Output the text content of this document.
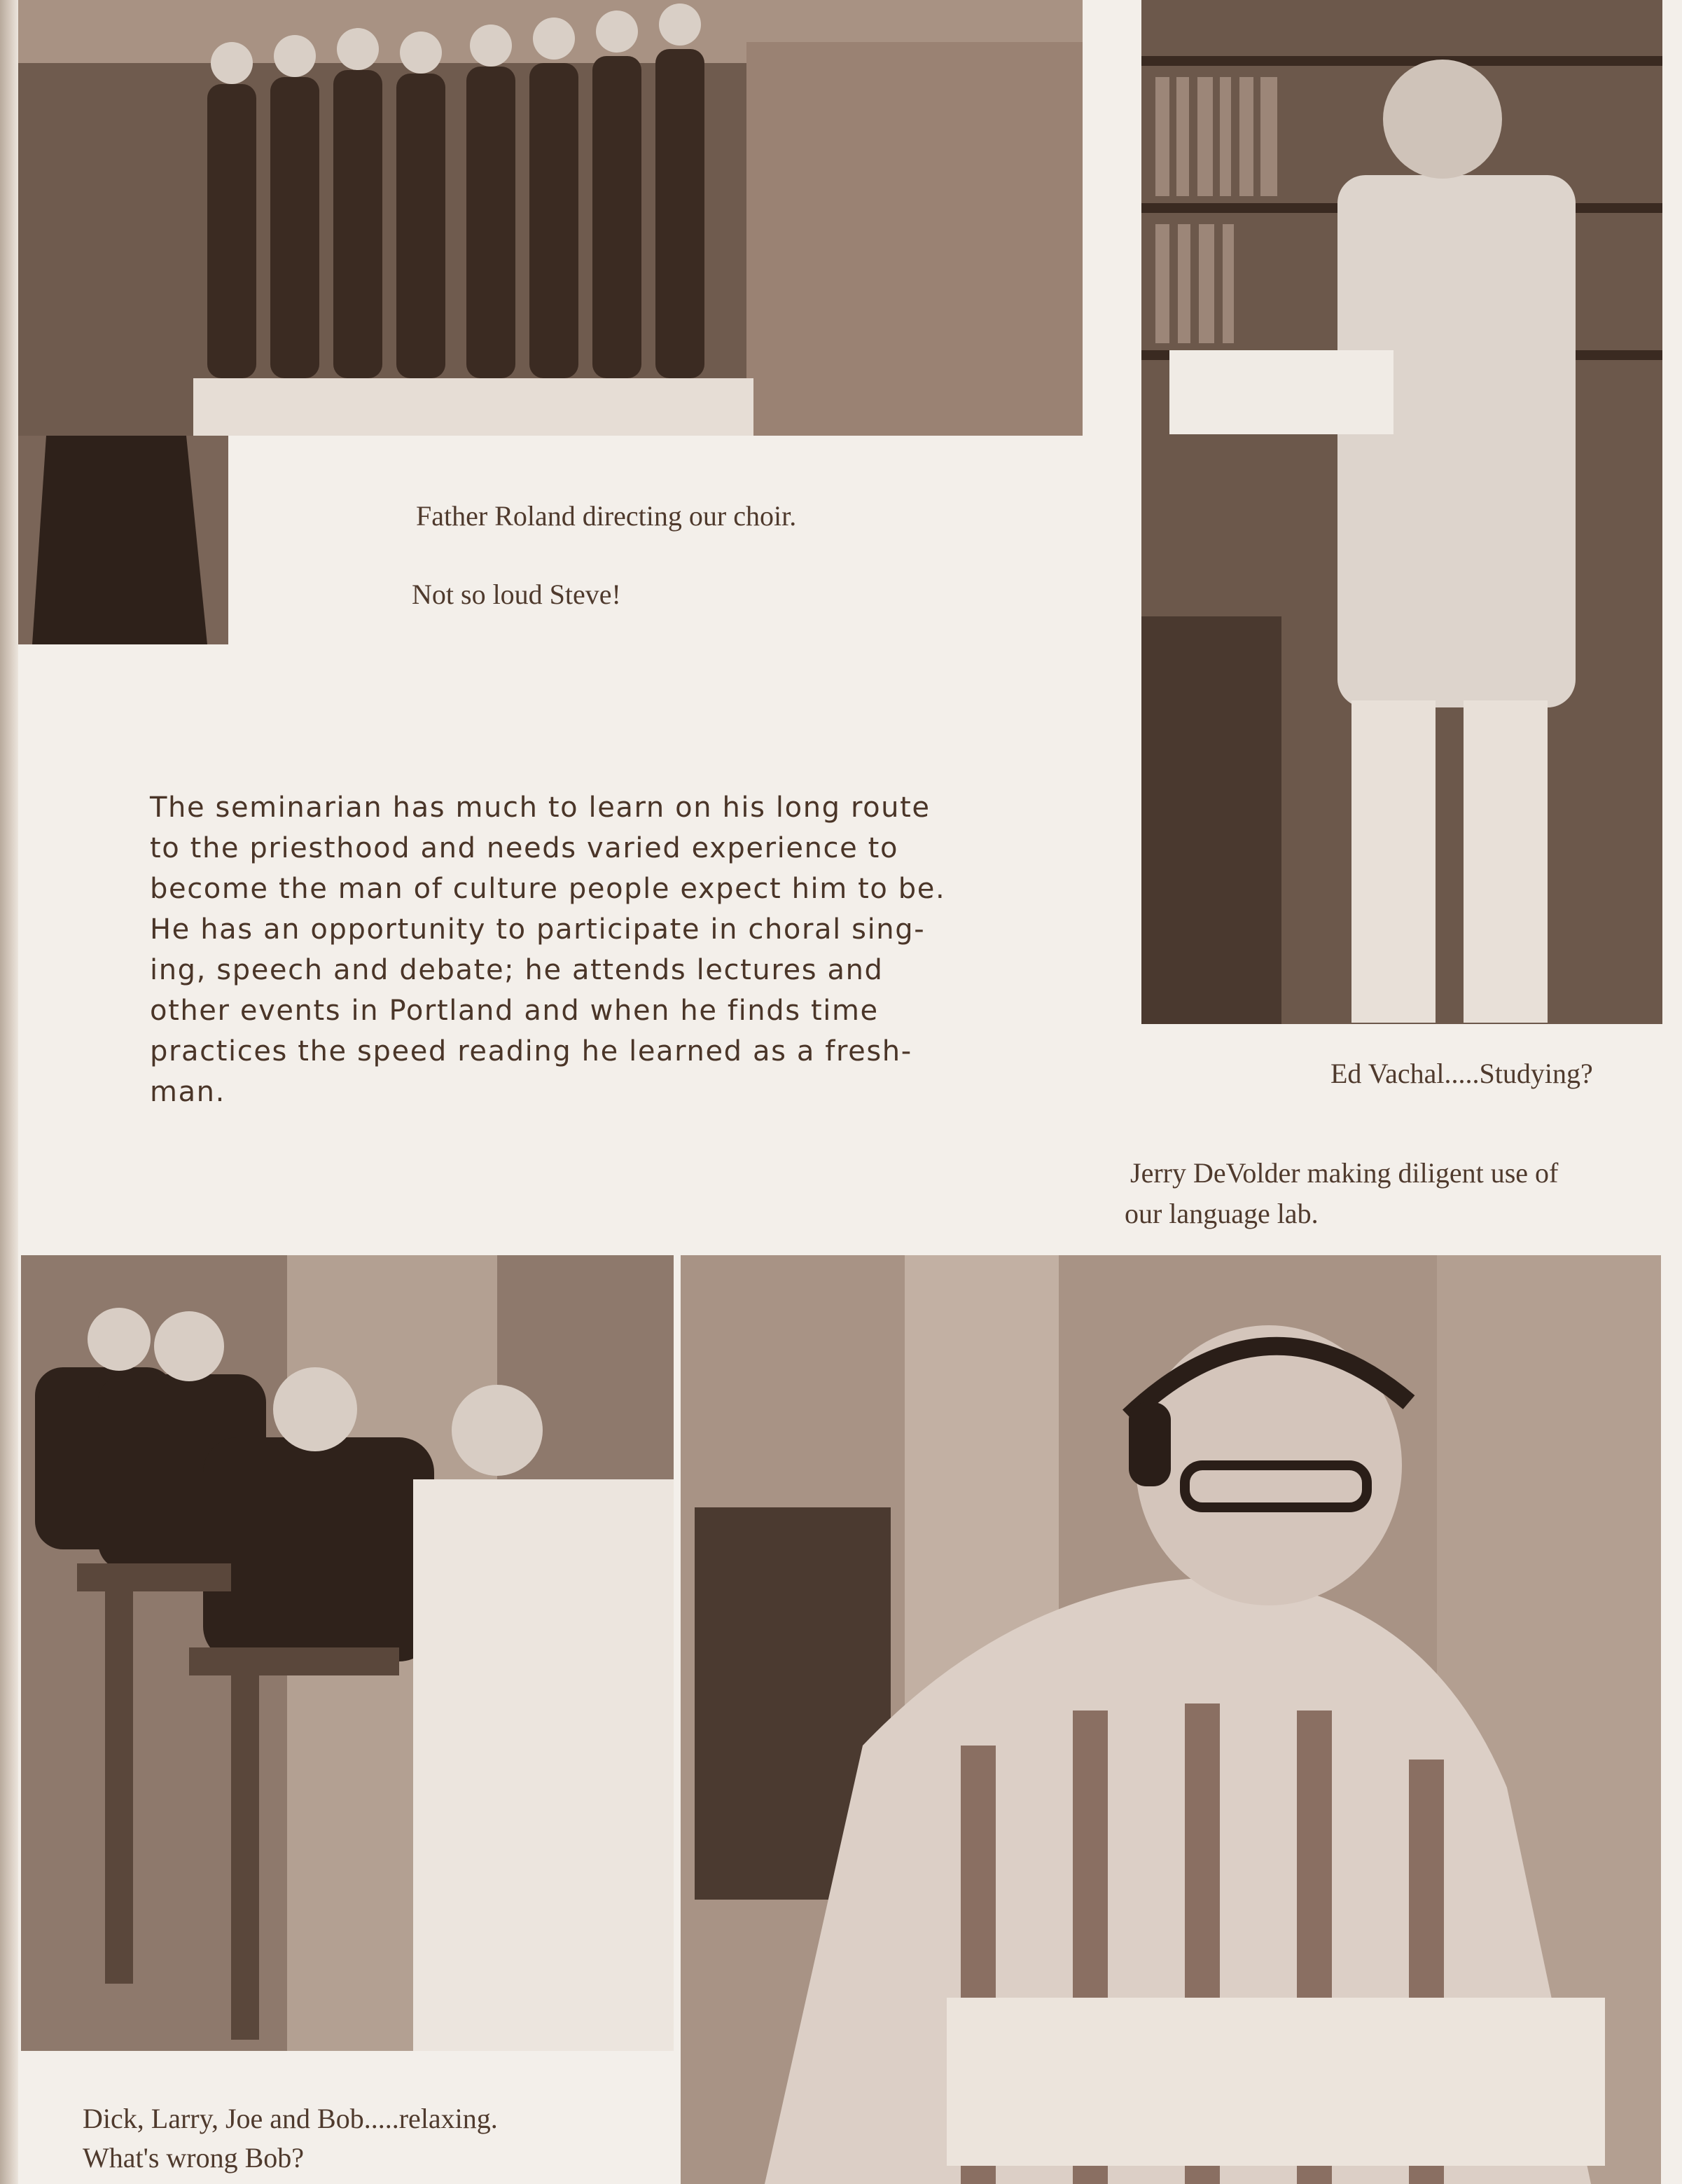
Father Roland directing our choir.

Not so loud Steve!

Ed Vachal.....Studying?

Jerry DeVolder making diligent use of

our language lab.

Dick, Larry, Joe and Bob.....relaxing.

What's wrong Bob?

The seminarian has much to learn on his long route
to the priesthood and needs varied experience to
become the man of culture people expect him to be.
He has an opportunity to participate in choral sing-
ing, speech and debate; he attends lectures and
other events in Portland and when he finds time
practices the speed reading he learned as a fresh-
man.
